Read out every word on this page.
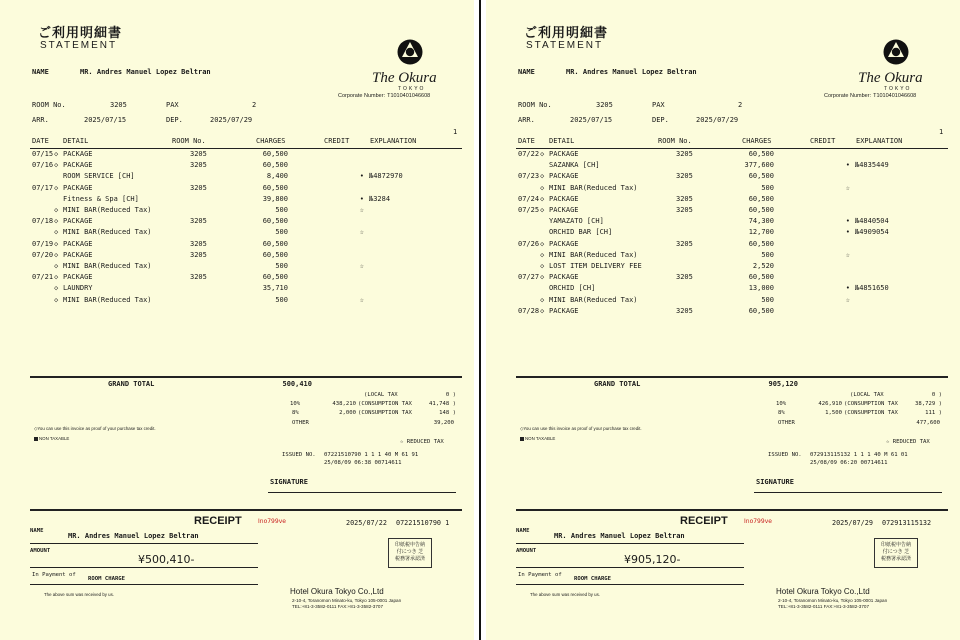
ご利用明細書
STATEMENT
The Okura
TOKYO
Corporate Number: T1010401046608
NAME	MR. Andres Manuel Lopez Beltran
ROOM No.	3205	PAX	2
ARR.	2025/07/15	DEP.	2025/07/29
1
DATE DETAIL	ROOM No.	CHARGES	CREDIT	EXPLANATION
07/15 PACKAGE	3205	60,500
◇
07/16 PACKAGE	3205	60,500
◇
ROOM SERVICE [CH]	8,400	• №4872970
07/17 PACKAGE	3205	60,500
◇
Fitness & Spa [CH]	39,800	• №3284
MINI BAR(Reduced Tax)	500	☆
◇
07/18 PACKAGE	3205	60,500
◇
MINI BAR(Reduced Tax)	500	☆
◇
07/19 PACKAGE	3205	60,500
◇
07/20 PACKAGE	3205	60,500
◇
MINI BAR(Reduced Tax)	500	☆
◇
07/21 PACKAGE	3205	60,500
◇
LAUNDRY	35,710
◇
MINI BAR(Reduced Tax)	500	☆
◇
GRAND TOTAL	500,410
(LOCAL TAX	0 )
10%	438,210 (CONSUMPTION TAX	41,748 )
8%	2,000 (CONSUMPTION TAX	148 )
OTHER	39,200
◇You can use this invoice as proof of your purchase tax credit.
NON TAXABLE
☆ REDUCED TAX
ISSUED NO. 07221510790 1 1 1 40 M 61 91
25/08/09 06:38 00714611
SIGNATURE
RECEIPT	Ino799ve	2025/07/22 07221510790 1
NAME
MR. Andres Manuel Lopez Beltran
AMOUNT
¥500,410-
印紙税申告納
付につき 芝
税務署承認済
In Payment of
ROOM CHARGE
The above sum was received by us.	Hotel Okura Tokyo Co.,Ltd
2-10-4, Toranomon Minato-ku, Tokyo 105-0001 Japan
TEL:+81-3-3582-0111 FAX:+81-3-3582-3707
ご利用明細書
STATEMENT
The Okura
TOKYO
Corporate Number: T1010401046608
NAME	MR. Andres Manuel Lopez Beltran
ROOM No.	3205	PAX	2
ARR.	2025/07/15	DEP.	2025/07/29
1
DATE DETAIL	ROOM No.	CHARGES	CREDIT	EXPLANATION
07/22 PACKAGE	3205	60,500
◇
SAZANKA [CH]	377,600	• №4835449
07/23 PACKAGE	3205	60,500
◇
MINI BAR(Reduced Tax)	500	☆
◇
07/24 PACKAGE	3205	60,500
◇
07/25 PACKAGE	3205	60,500
◇
YAMAZATO [CH]	74,300	• №4840504
ORCHID BAR [CH]	12,700	• №4909054
07/26 PACKAGE	3205	60,500
◇
MINI BAR(Reduced Tax)	500	☆
◇
LOST ITEM DELIVERY FEE	2,520
◇
07/27 PACKAGE	3205	60,500
◇
ORCHID [CH]	13,000	• №4851650
MINI BAR(Reduced Tax)	500	☆
◇
07/28 PACKAGE	3205	60,500
◇
GRAND TOTAL	905,120
(LOCAL TAX	0 )
10%	426,910 (CONSUMPTION TAX	38,729 )
8%	1,500 (CONSUMPTION TAX	111 )
OTHER	477,600
◇You can use this invoice as proof of your purchase tax credit.
NON TAXABLE
☆ REDUCED TAX
ISSUED NO. 072913115132 1 1 1 40 M 61 01
25/08/09 06:20 00714611
SIGNATURE
RECEIPT	Ino799ve	2025/07/29 072913115132
NAME
MR. Andres Manuel Lopez Beltran
AMOUNT
¥905,120-
印紙税申告納
付につき 芝
税務署承認済
In Payment of
ROOM CHARGE
The above sum was received by us.	Hotel Okura Tokyo Co.,Ltd
2-10-4, Toranomon Minato-ku, Tokyo 105-0001 Japan
TEL:+81-3-3582-0111 FAX:+81-3-3582-3707
